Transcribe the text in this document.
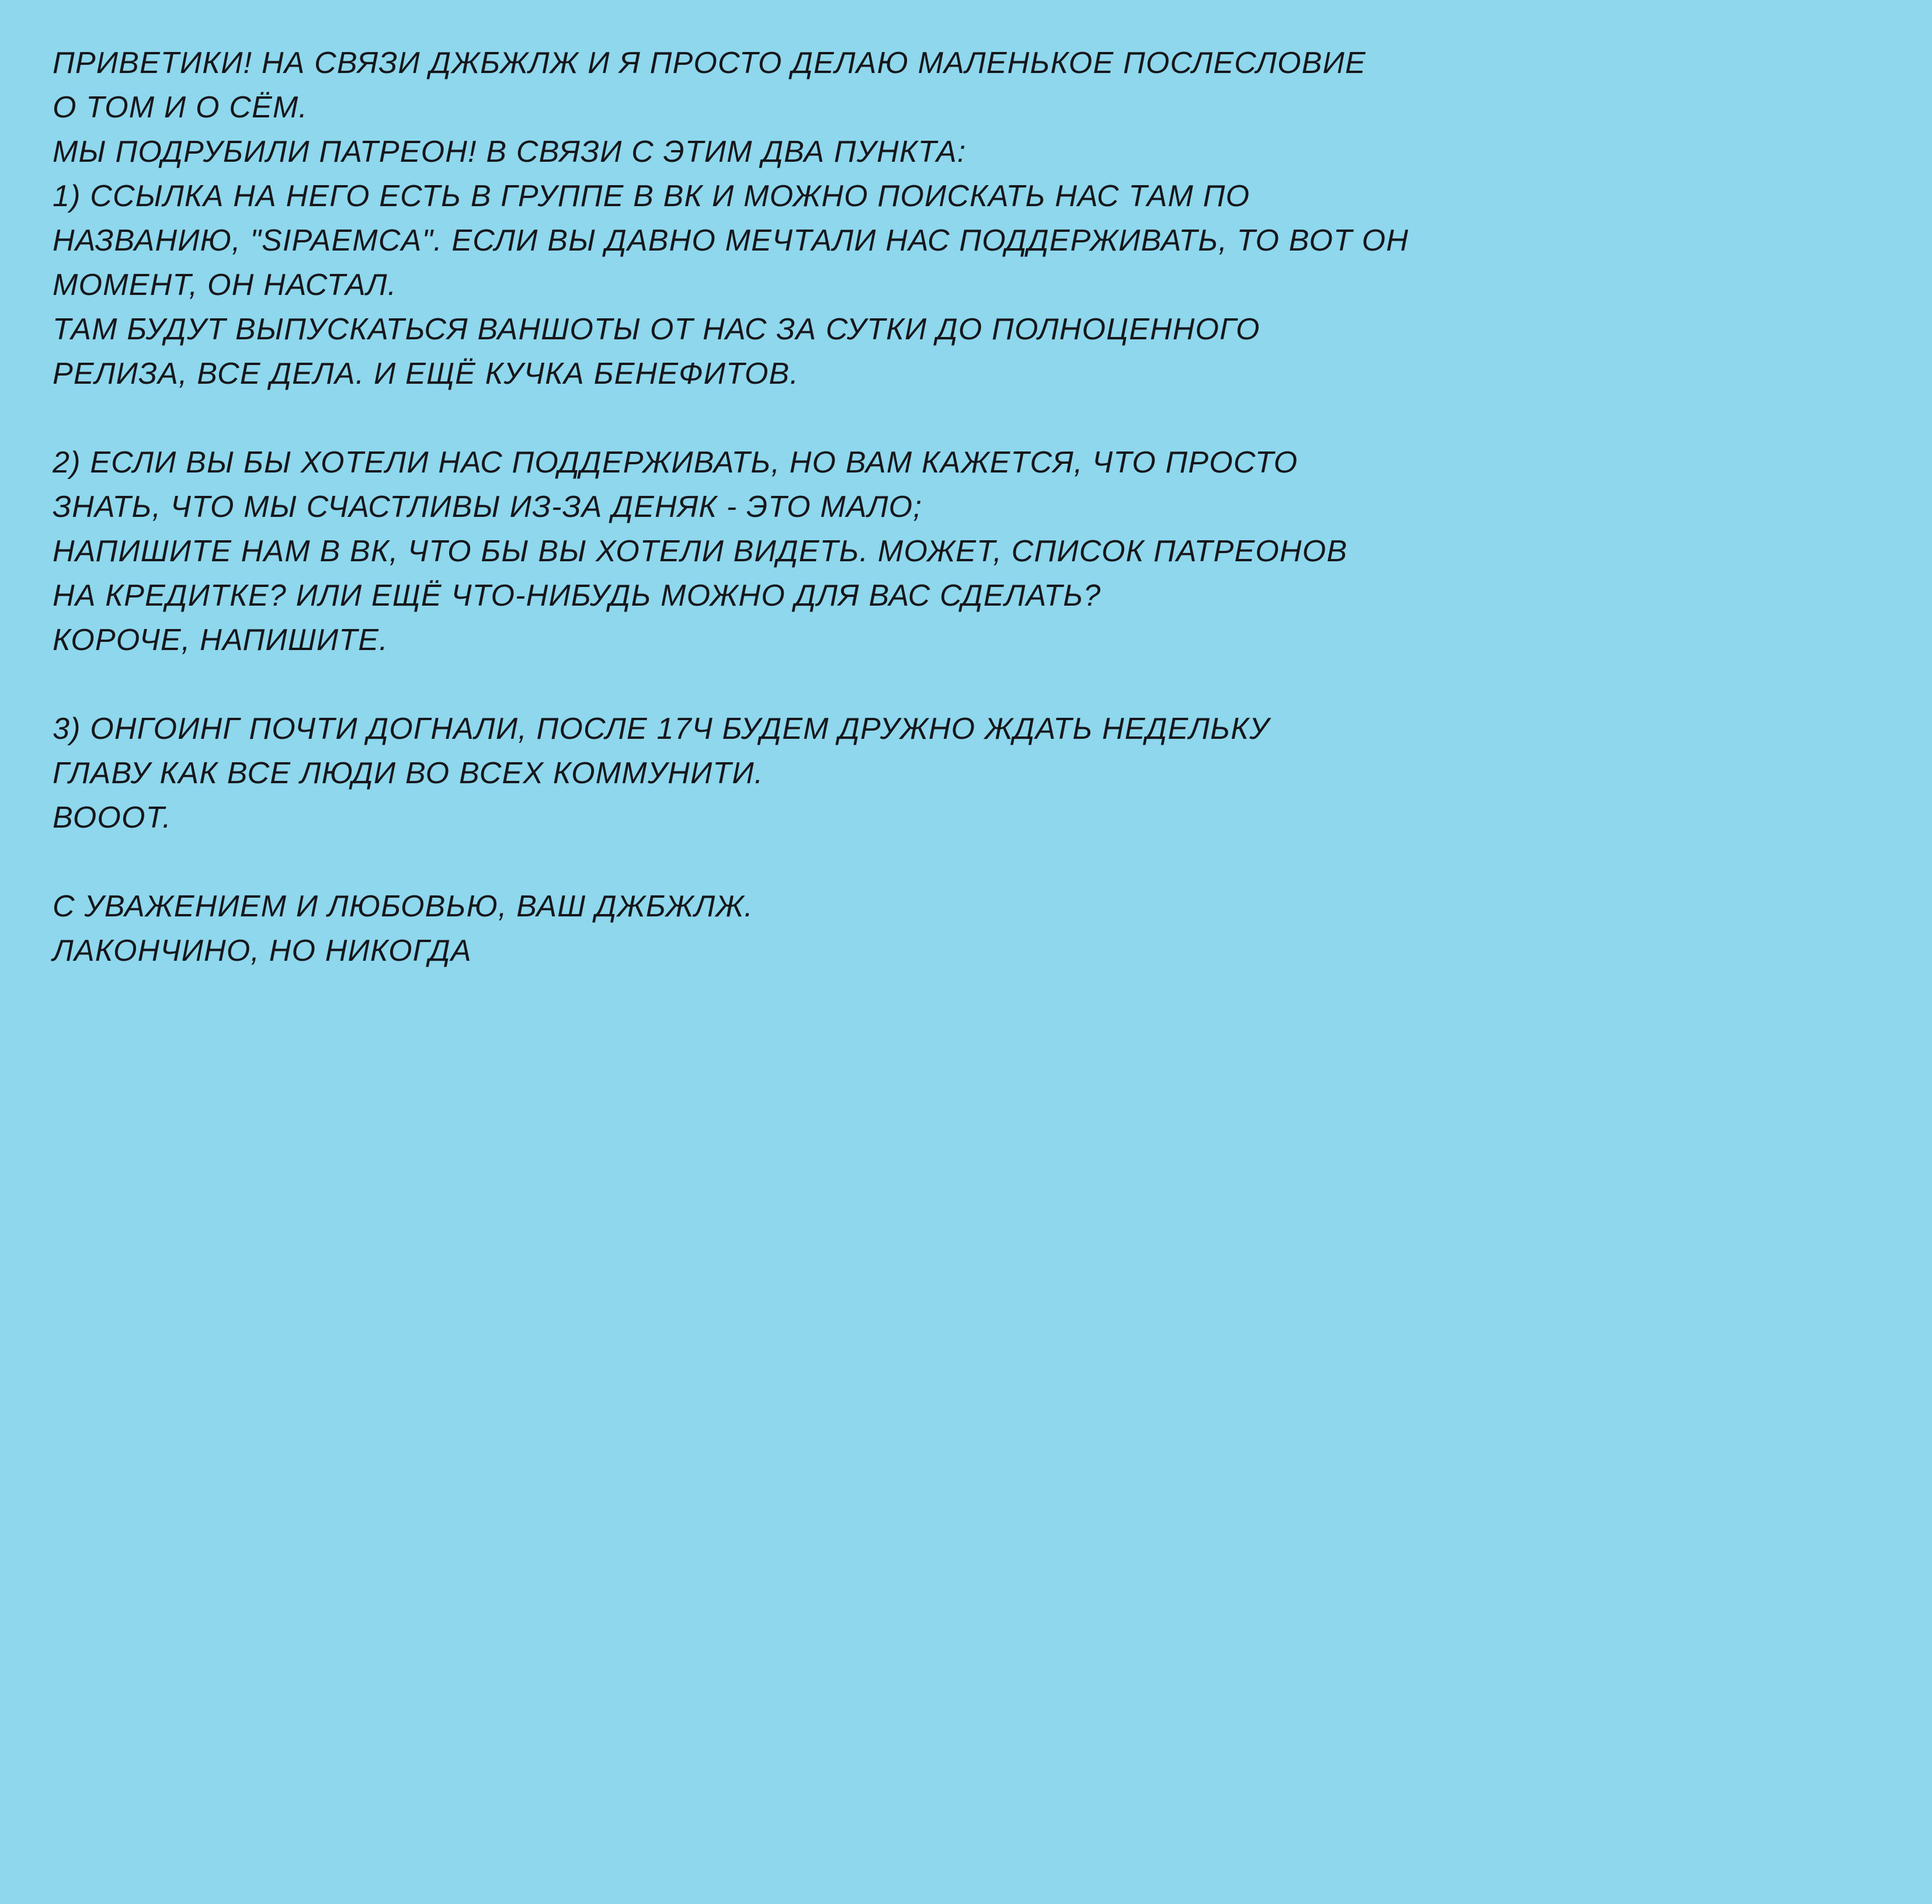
ПРИВЕТИКИ! НА СВЯЗИ ДЖБЖЛЖ И Я ПРОСТО ДЕЛАЮ МАЛЕНЬКОЕ ПОСЛЕСЛОВИЕ
О ТОМ И О СЁМ.
МЫ ПОДРУБИЛИ ПАТРЕОН! В СВЯЗИ С ЭТИМ ДВА ПУНКТА:
1) ССЫЛКА НА НЕГО ЕСТЬ В ГРУППЕ В ВК И МОЖНО ПОИСКАТЬ НАС ТАМ ПО
НАЗВАНИЮ, "SIPAEMCA". ЕСЛИ ВЫ ДАВНО МЕЧТАЛИ НАС ПОДДЕРЖИВАТЬ, ТО ВОТ ОН
МОМЕНТ, ОН НАСТАЛ.
ТАМ БУДУТ ВЫПУСКАТЬСЯ ВАНШОТЫ ОТ НАС ЗА СУТКИ ДО ПОЛНОЦЕННОГО
РЕЛИЗА, ВСЕ ДЕЛА. И ЕЩЁ КУЧКА БЕНЕФИТОВ.
2) ЕСЛИ ВЫ БЫ ХОТЕЛИ НАС ПОДДЕРЖИВАТЬ, НО ВАМ КАЖЕТСЯ, ЧТО ПРОСТО
ЗНАТЬ, ЧТО МЫ СЧАСТЛИВЫ ИЗ-ЗА ДЕНЯК - ЭТО МАЛО;
НАПИШИТЕ НАМ В ВК, ЧТО БЫ ВЫ ХОТЕЛИ ВИДЕТЬ. МОЖЕТ, СПИСОК ПАТРЕОНОВ
НА КРЕДИТКЕ? ИЛИ ЕЩЁ ЧТО-НИБУДЬ МОЖНО ДЛЯ ВАС СДЕЛАТЬ?
КОРОЧЕ, НАПИШИТЕ.
3) ОНГОИНГ ПОЧТИ ДОГНАЛИ, ПОСЛЕ 17Ч БУДЕМ ДРУЖНО ЖДАТЬ НЕДЕЛЬКУ
ГЛАВУ КАК ВСЕ ЛЮДИ ВО ВСЕХ КОММУНИТИ.
ВОООТ.
С УВАЖЕНИЕМ И ЛЮБОВЬЮ, ВАШ ДЖБЖЛЖ.
ЛАКОНЧИНО, НО НИКОГДА
